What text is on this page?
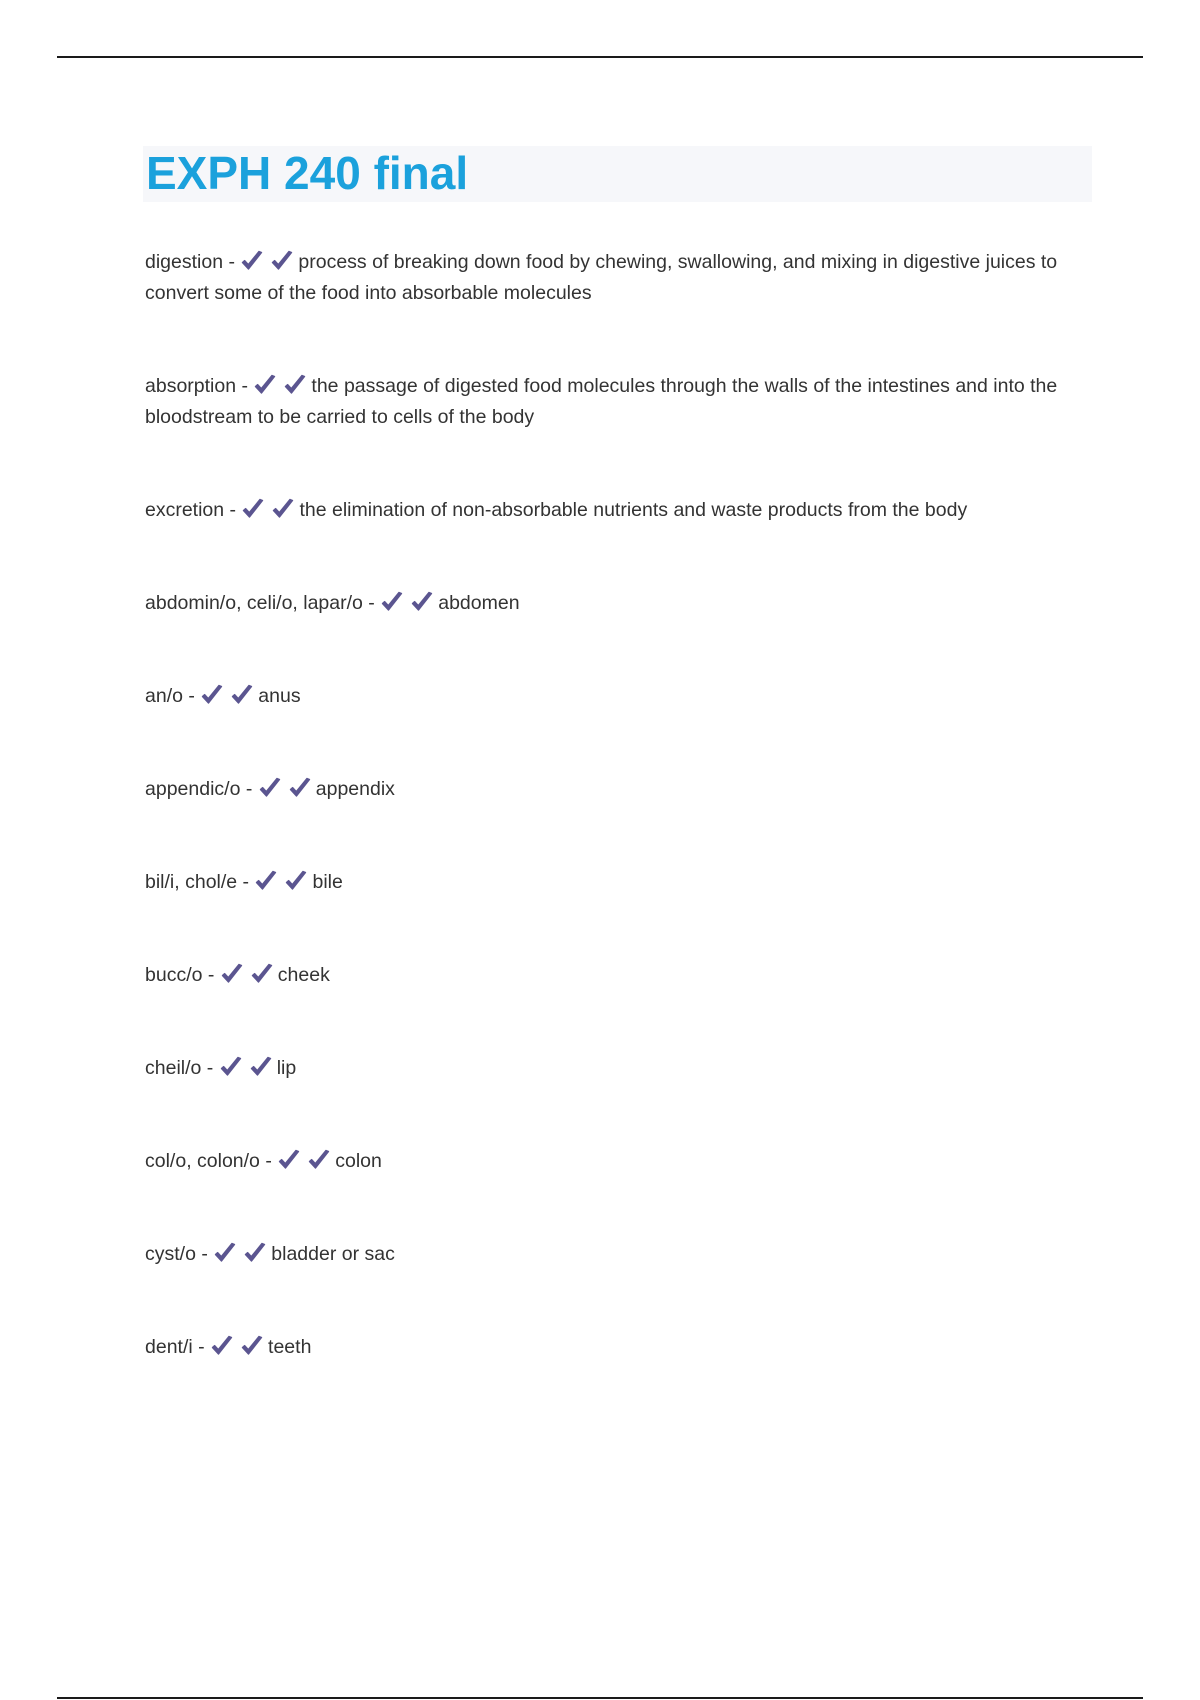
EXPH 240 final

digestion -	process of breaking down food by chewing, swallowing, and mixing in digestive juices to convert some of the food into absorbable molecules

absorption -	the passage of digested food molecules through the walls of the intestines and into the bloodstream to be carried to cells of the body

excretion -	the elimination of non-absorbable nutrients and waste products from the body

abdomin/o, celi/o, lapar/o -	abdomen

an/o -	anus

appendic/o -	appendix

bil/i, chol/e -	bile

bucc/o -	cheek

cheil/o -	lip

col/o, colon/o -	colon

cyst/o -	bladder or sac

dent/i -	teeth
